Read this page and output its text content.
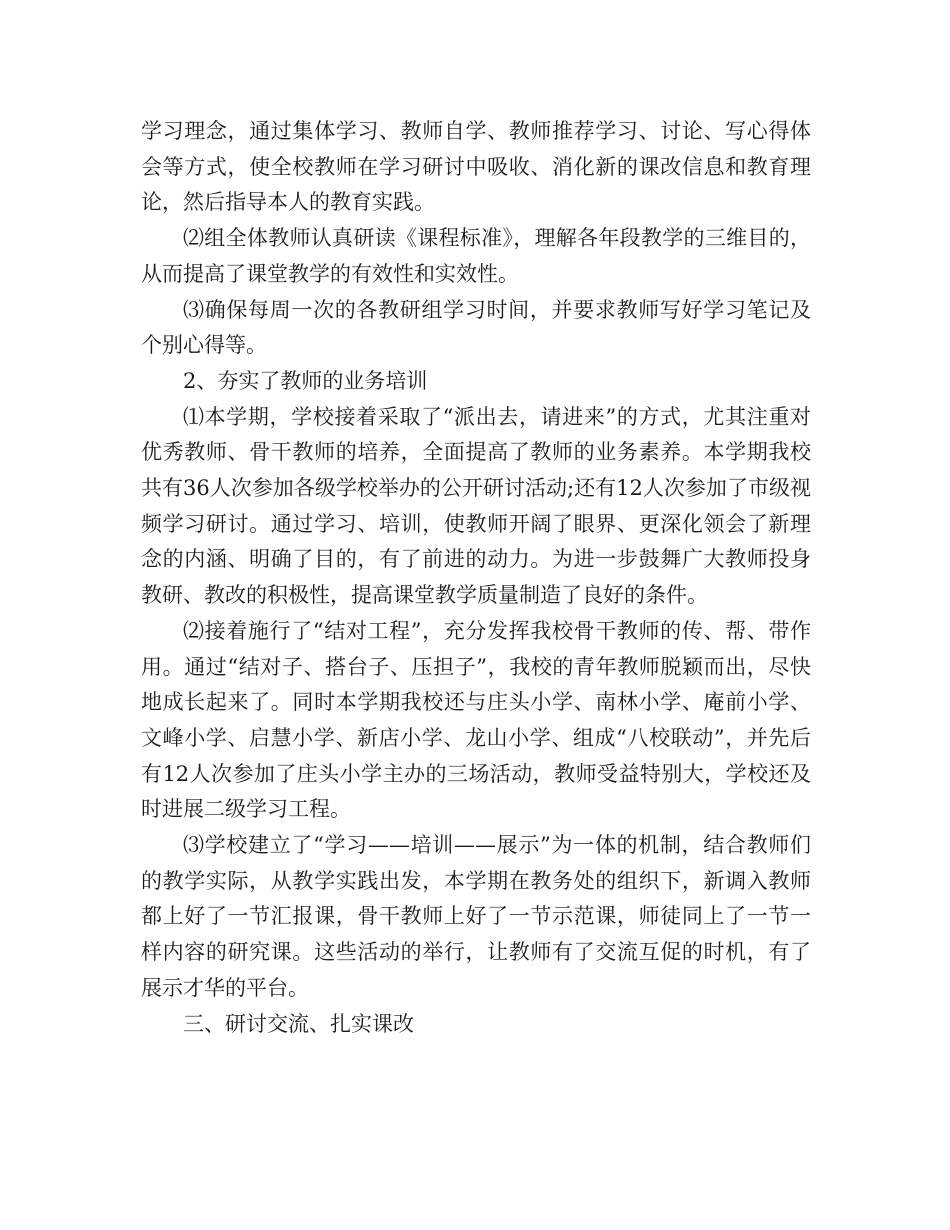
学习理念，通过集体学习、教师自学、教师推荐学习、讨论、写心得体会等方式，使全校教师在学习研讨中吸收、消化新的课改信息和教育理论，然后指导本人的教育实践。

⑵组全体教师认真研读《课程标准》，理解各年段教学的三维目的，从而提高了课堂教学的有效性和实效性。

⑶确保每周一次的各教研组学习时间，并要求教师写好学习笔记及个别心得等。

2、夯实了教师的业务培训

⑴本学期，学校接着采取了“派出去，请进来”的方式，尤其注重对优秀教师、骨干教师的培养，全面提高了教师的业务素养。本学期我校共有36人次参加各级学校举办的公开研讨活动;还有12人次参加了市级视频学习研讨。通过学习、培训，使教师开阔了眼界、更深化领会了新理念的内涵、明确了目的，有了前进的动力。为进一步鼓舞广大教师投身教研、教改的积极性，提高课堂教学质量制造了良好的条件。

⑵接着施行了“结对工程”，充分发挥我校骨干教师的传、帮、带作用。通过“结对子、搭台子、压担子”，我校的青年教师脱颖而出，尽快地成长起来了。同时本学期我校还与庄头小学、南林小学、庵前小学、文峰小学、启慧小学、新店小学、龙山小学、组成“八校联动”，并先后有12人次参加了庄头小学主办的三场活动，教师受益特别大，学校还及时进展二级学习工程。

⑶学校建立了“学习——培训——展示”为一体的机制，结合教师们的教学实际，从教学实践出发，本学期在教务处的组织下，新调入教师都上好了一节汇报课，骨干教师上好了一节示范课，师徒同上了一节一样内容的研究课。这些活动的举行，让教师有了交流互促的时机，有了展示才华的平台。

三、研讨交流、扎实课改
